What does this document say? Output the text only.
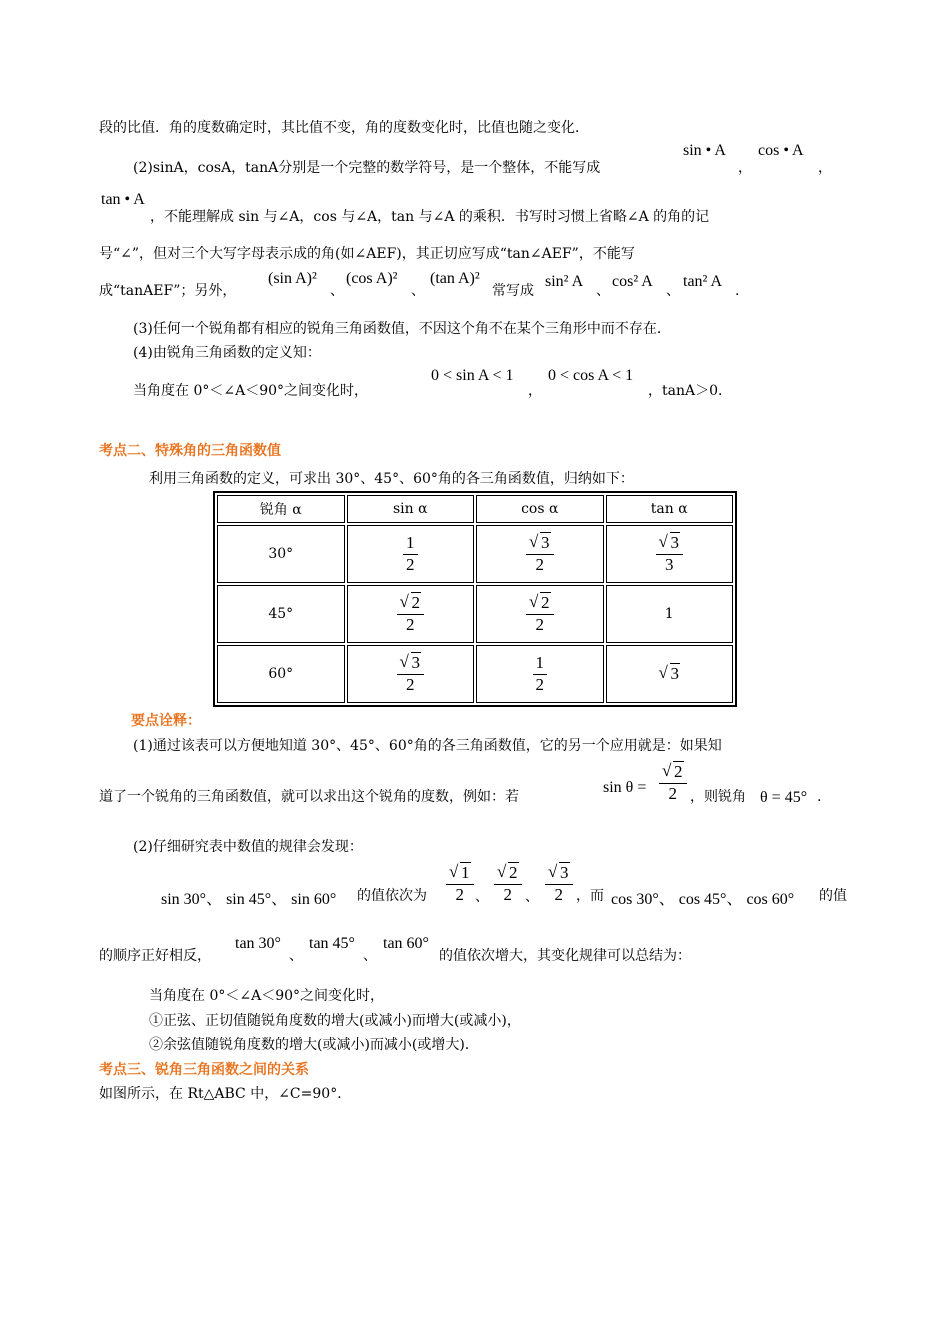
段的比值．角的度数确定时，其比值不变，角的度数变化时，比值也随之变化．
(2)sinA，cosA，tanA分别是一个完整的数学符号，是一个整体，不能写成
sin • A
，
cos • A
，
tan • A
，不能理解成 sin 与∠A，cos 与∠A，tan 与∠A 的乘积．书写时习惯上省略∠A 的角的记
号“∠”，但对三个大写字母表示成的角(如∠AEF)，其正切应写成“tan∠AEF”，不能写
成“tanAEF”；另外，
(sin A)²
、
(cos A)²
、
(tan A)²
常写成
sin² A
、
cos² A
、
tan² A
.
(3)任何一个锐角都有相应的锐角三角函数值，不因这个角不在某个三角形中而不存在．
(4)由锐角三角函数的定义知：
当角度在 0°＜∠A＜90°之间变化时，
0 < sin A < 1
，
0 < cos A < 1
，tanA＞0．
考点二、特殊角的三角函数值
利用三角函数的定义，可求出 30°、45°、60°角的各三角函数值，归纳如下：
锐角 α	sin α	cos α	tan α
30°	$\frac{1}{2}$	√ $\frac{3}{2}$	√ $\frac{3}{3}$

45°	√ $\frac{2}{2}$	√ $\frac{2}{2}$	1
60°	√ $\frac{3}{2}$	$\frac{1}{2}$	√ 3
要点诠释：
(1)通过该表可以方便地知道 30°、45°、60°角的各三角函数值，它的另一个应用就是：如果知
道了一个锐角的三角函数值，就可以求出这个锐角的度数，例如：若
sin θ = √ $\frac{2}{2}$ ，则锐角 θ = 45° .
(2)仔细研究表中数值的规律会发现：
sin 30°、 sin 45°、 sin 60° 的值依次为 √ $\frac{1}{2}$ 、 √ $\frac{2}{2}$ 、 √ $\frac{3}{2}$ ，而 cos 30°、 cos 45°、 cos 60° 的值
的顺序正好相反，
tan 30°
、
tan 45°
、
tan 60°
的值依次增大，其变化规律可以总结为：
当角度在 0°＜∠A＜90°之间变化时，
①正弦、正切值随锐角度数的增大(或减小)而增大(或减小)，
②余弦值随锐角度数的增大(或减小)而减小(或增大)．
考点三、锐角三角函数之间的关系
如图所示，在 Rt△ABC 中，∠C=90°．
